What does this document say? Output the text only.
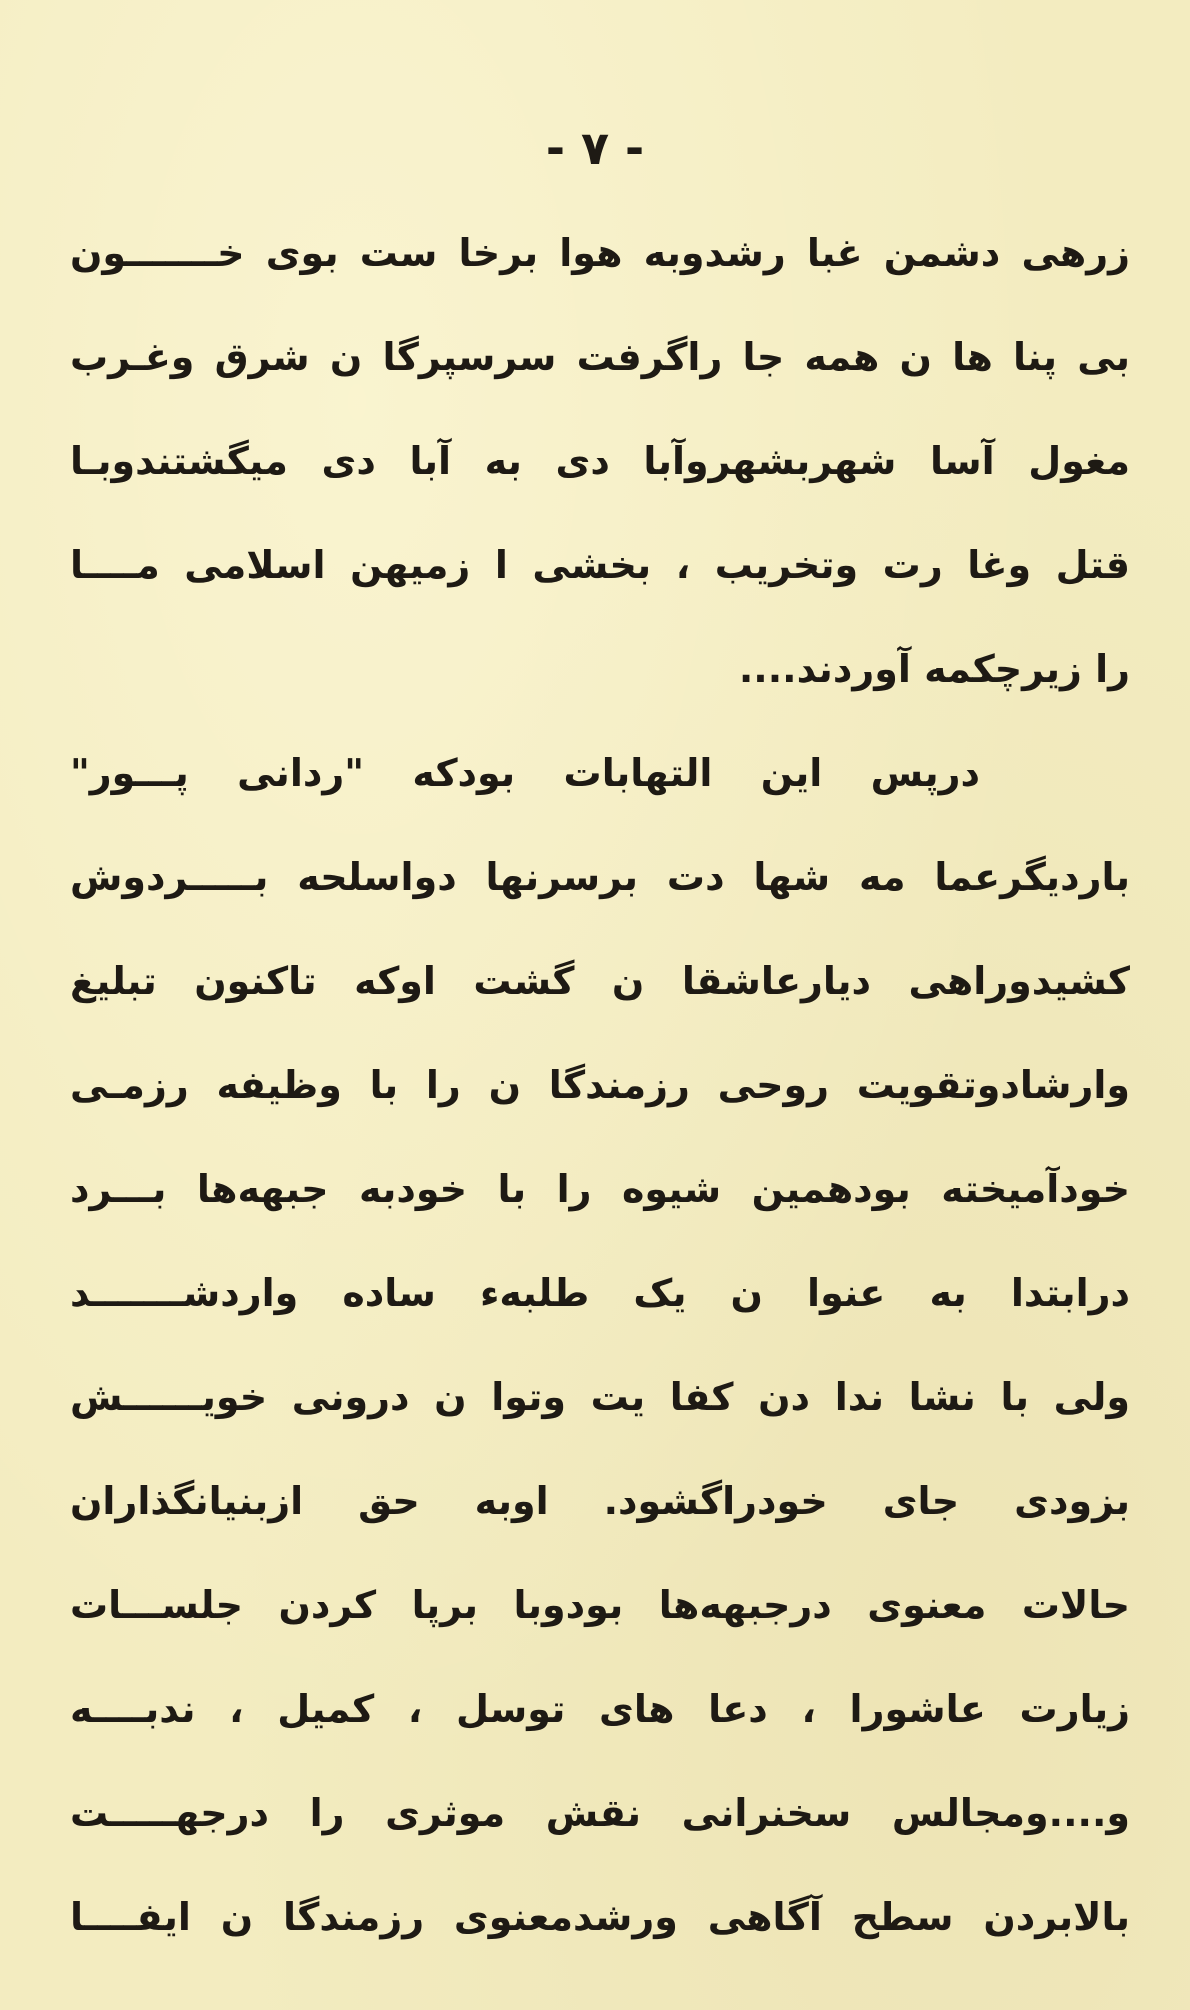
- ٧ -
زرهی دشمن غبا رشدوبه هوا برخا ست بوی خـــــــون
بی پنا ها ن همه جا راگرفت سرسپرگا ن شرق وغـرب
مغول آسا شهربشهروآبا دی به آبا دی میگشتندوبـا
قتل وغا رت وتخریب ، بخشی ا زمیهن اسلامی مــــا
را زیرچکمه آوردند....
درپس این التهابات بودکه "ردانی پـــور"
باردیگرعما مه شها دت برسرنها دواسلحه بـــــردوش
کشیدوراهی دیارعاشقا ن گشت اوکه تاکنون تبلیغ
وارشادوتقویت روحی رزمندگا ن را با وظیفه رزمـی
خودآمیخته بودهمین شیوه را با خودبه جبهه‌ها بـــرد
درابتدا به عنوا ن یک طلبهء ساده واردشـــــــد
ولی با نشا ندا دن کفا یت وتوا ن درونی خویــــــش
بزودی جای خودراگشود. اوبه حق ازبنیانگذاران
حالات معنوی درجبهه‌ها بودوبا برپا کردن جلســـات
زیارت عاشورا ، دعا های توسل ، کمیل ، ندبــــه
و....ومجالس سخنرانی نقش موثری را درجهـــــت
بالابردن سطح آگاهی ورشدمعنوی رزمندگا ن ایفــــا
